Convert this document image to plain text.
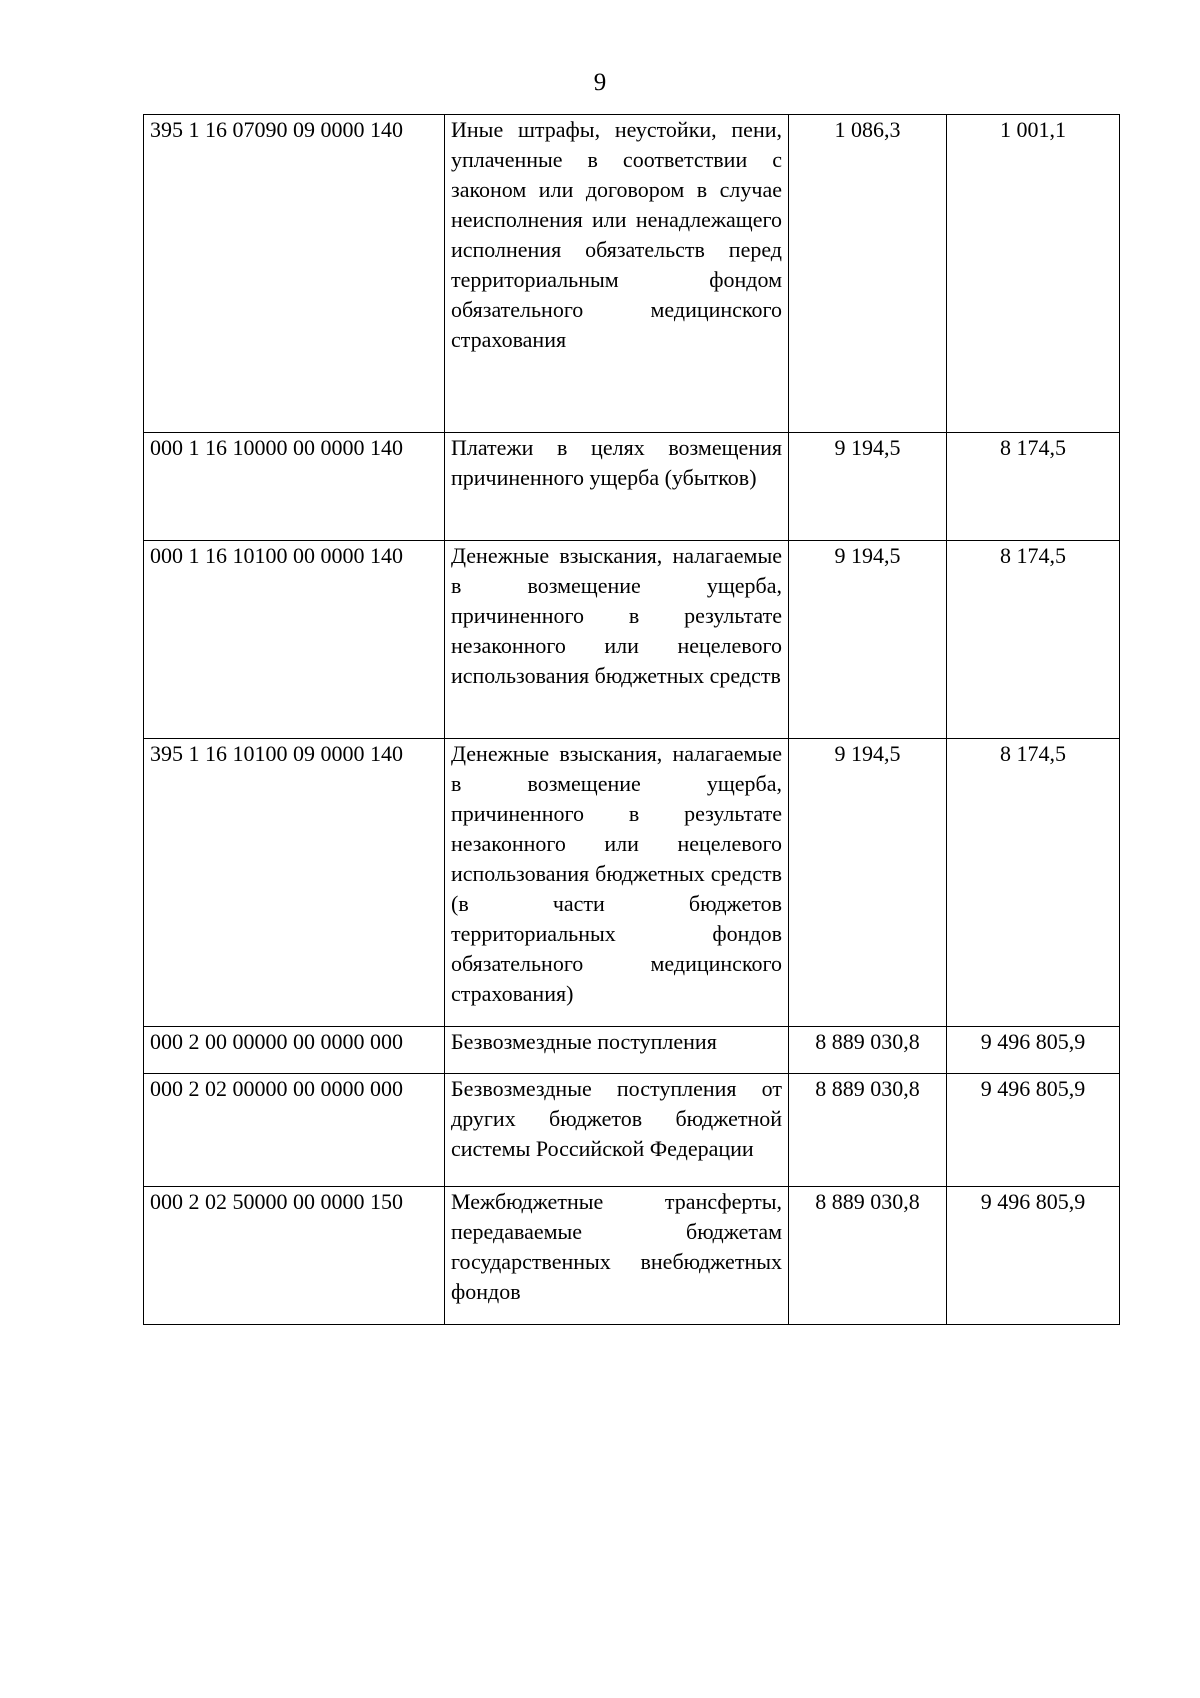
9
395 1 16 07090 09 0000 140	Иные штрафы, неустойки, пени, уплаченные в соответствии с законом или договором в случае неисполнения или ненадлежащего исполнения обязательств перед территориальным фондом обязательного медицинского страхования	1 086,3	1 001,1
000 1 16 10000 00 0000 140	Платежи в целях возмещения причиненного ущерба (убытков)	9 194,5	8 174,5
000 1 16 10100 00 0000 140	Денежные взыскания, налагаемые в возмещение ущерба, причиненного в результате незаконного или нецелевого использования бюджетных средств	9 194,5	8 174,5
395 1 16 10100 09 0000 140	Денежные взыскания, налагаемые в возмещение ущерба, причиненного в результате незаконного или нецелевого использования бюджетных средств (в части бюджетов территориальных фондов обязательного медицинского страхования)	9 194,5	8 174,5
000 2 00 00000 00 0000 000	Безвозмездные поступления	8 889 030,8	9 496 805,9
000 2 02 00000 00 0000 000	Безвозмездные поступления от других бюджетов бюджетной системы Российской Федерации	8 889 030,8	9 496 805,9
000 2 02 50000 00 0000 150	Межбюджетные трансферты, передаваемые бюджетам государственных внебюджетных фондов	8 889 030,8	9 496 805,9
